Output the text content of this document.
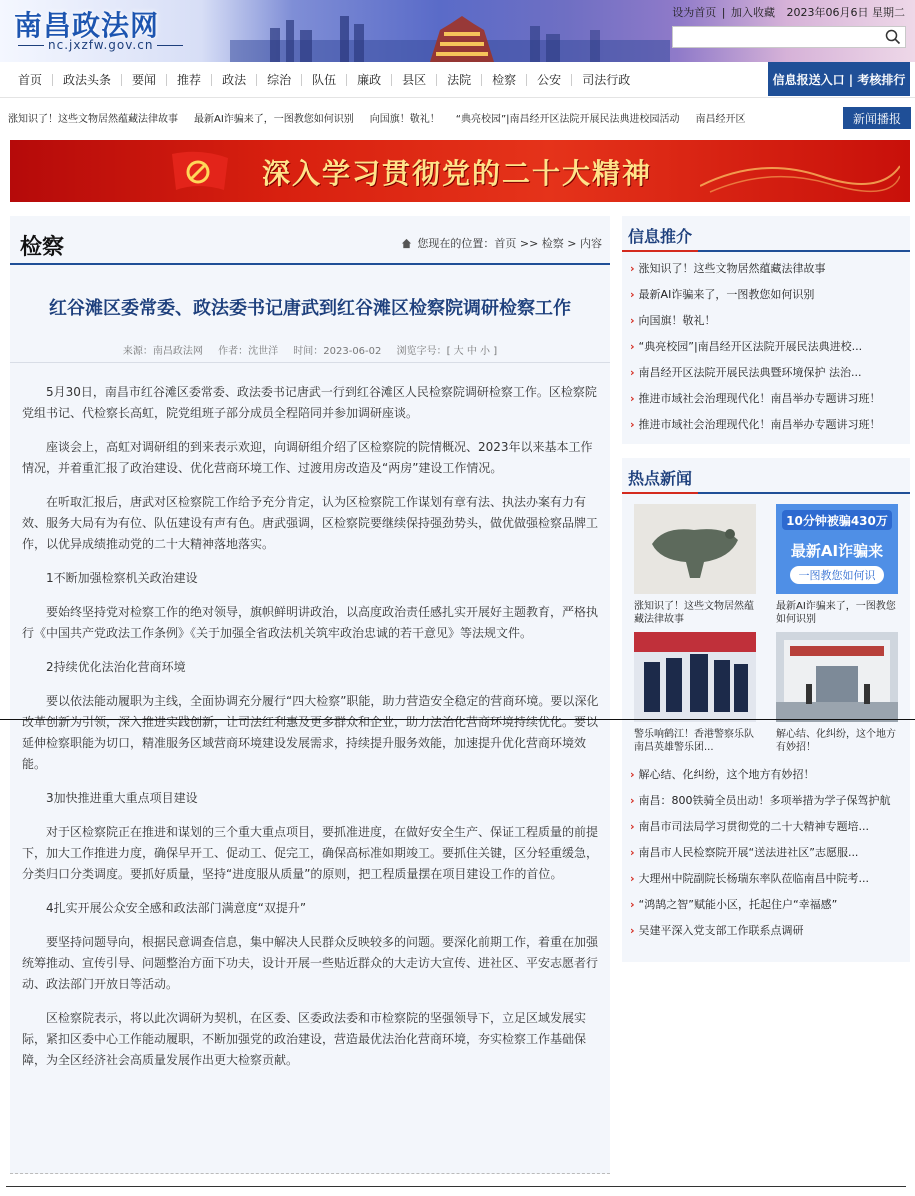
南昌政法网
nc.jxzfw.gov.cn
设为首页 | 加入收藏 2023年06月6日 星期二
首页	政法头条	要闻	推荐	政法	综治	队伍	廉政	县区	法院	检察	公安	司法行政	信息报送入口 | 考核排行
涨知识了！这些文物居然蕴藏法律故事 最新AI诈骗来了，一图教您如何识别 向国旗！敬礼！ “典亮校园”|南昌经开区法院开展民法典进校园活动 南昌经开区	新闻播报
深入学习贯彻党的二十大精神
检察	您现在的位置：首页 >> 检察 > 内容
红谷滩区委常委、政法委书记唐武到红谷滩区检察院调研检察工作
来源：南昌政法网 作者：沈世洋 时间：2023-06-02 浏览字号：[ 大 中 小 ]

5月30日，南昌市红谷滩区委常委、政法委书记唐武一行到红谷滩区人民检察院调研检察工作。区检察院党组书记、代检察长高虹，院党组班子部分成员全程陪同并参加调研座谈。

座谈会上，高虹对调研组的到来表示欢迎，向调研组介绍了区检察院的院情概况、2023年以来基本工作情况，并着重汇报了政治建设、优化营商环境工作、过渡用房改造及“两房”建设工作情况。

在听取汇报后，唐武对区检察院工作给予充分肯定，认为区检察院工作谋划有章有法、执法办案有力有效、服务大局有为有位、队伍建设有声有色。唐武强调，区检察院要继续保持强劲势头，做优做强检察品牌工作，以优异成绩推动党的二十大精神落地落实。

1不断加强检察机关政治建设

要始终坚持党对检察工作的绝对领导，旗帜鲜明讲政治，以高度政治责任感扎实开展好主题教育，严格执行《中国共产党政法工作条例》《关于加强全省政法机关筑牢政治忠诚的若干意见》等法规文件。

2持续优化法治化营商环境

要以依法能动履职为主线，全面协调充分履行“四大检察”职能，助力营造安全稳定的营商环境。要以深化改革创新为引领，深入推进实践创新，让司法红利惠及更多群众和企业，助力法治化营商环境持续优化。要以延伸检察职能为切口，精准服务区域营商环境建设发展需求，持续提升服务效能，加速提升优化营商环境效能。

3加快推进重大重点项目建设

对于区检察院正在推进和谋划的三个重大重点项目，要抓准进度，在做好安全生产、保证工程质量的前提下，加大工作推进力度，确保早开工、促动工、促完工，确保高标准如期竣工。要抓住关键，区分轻重缓急，分类归口分类调度。要抓好质量，坚持“进度服从质量”的原则，把工程质量摆在项目建设工作的首位。

4扎实开展公众安全感和政法部门满意度“双提升”

要坚持问题导向，根据民意调查信息，集中解决人民群众反映较多的问题。要深化前期工作，着重在加强统筹推动、宣传引导、问题整治方面下功夫，设计开展一些贴近群众的大走访大宣传、进社区、平安志愿者行动、政法部门开放日等活动。

区检察院表示，将以此次调研为契机，在区委、区委政法委和市检察院的坚强领导下，立足区域发展实际，紧扣区委中心工作能动履职，不断加强党的政治建设，营造最优法治化营商环境，夯实检察工作基础保障，为全区经济社会高质量发展作出更大检察贡献。

信息推介
› 涨知识了！这些文物居然蕴藏法律故事
› 最新AI诈骗来了，一图教您如何识别
› 向国旗！敬礼！
› “典亮校园”|南昌经开区法院开展民法典进校...
› 南昌经开区法院开展民法典暨环境保护 法治...
› 推进市域社会治理现代化！南昌举办专题讲习班！
› 推进市域社会治理现代化！南昌举办专题讲习班！
热点新闻
涨知识了！这些文物居然蕴藏法律故事
10分钟被骗430万
最新AI诈骗来
一图教您如何识
最新AI诈骗来了，一图教您如何识别
警乐响鹤江！香港警察乐队 南昌英雄警乐团...
解心结、化纠纷，这个地方有妙招！
› 解心结、化纠纷，这个地方有妙招！
› 南昌：800铁骑全员出动！多项举措为学子保驾护航
› 南昌市司法局学习贯彻党的二十大精神专题培...
› 南昌市人民检察院开展“送法进社区”志愿服...
› 大理州中院副院长杨瑞东率队莅临南昌中院考...
› “鸿鹄之智”赋能小区，托起住户“幸福感”
› 吴建平深入党支部工作联系点调研
